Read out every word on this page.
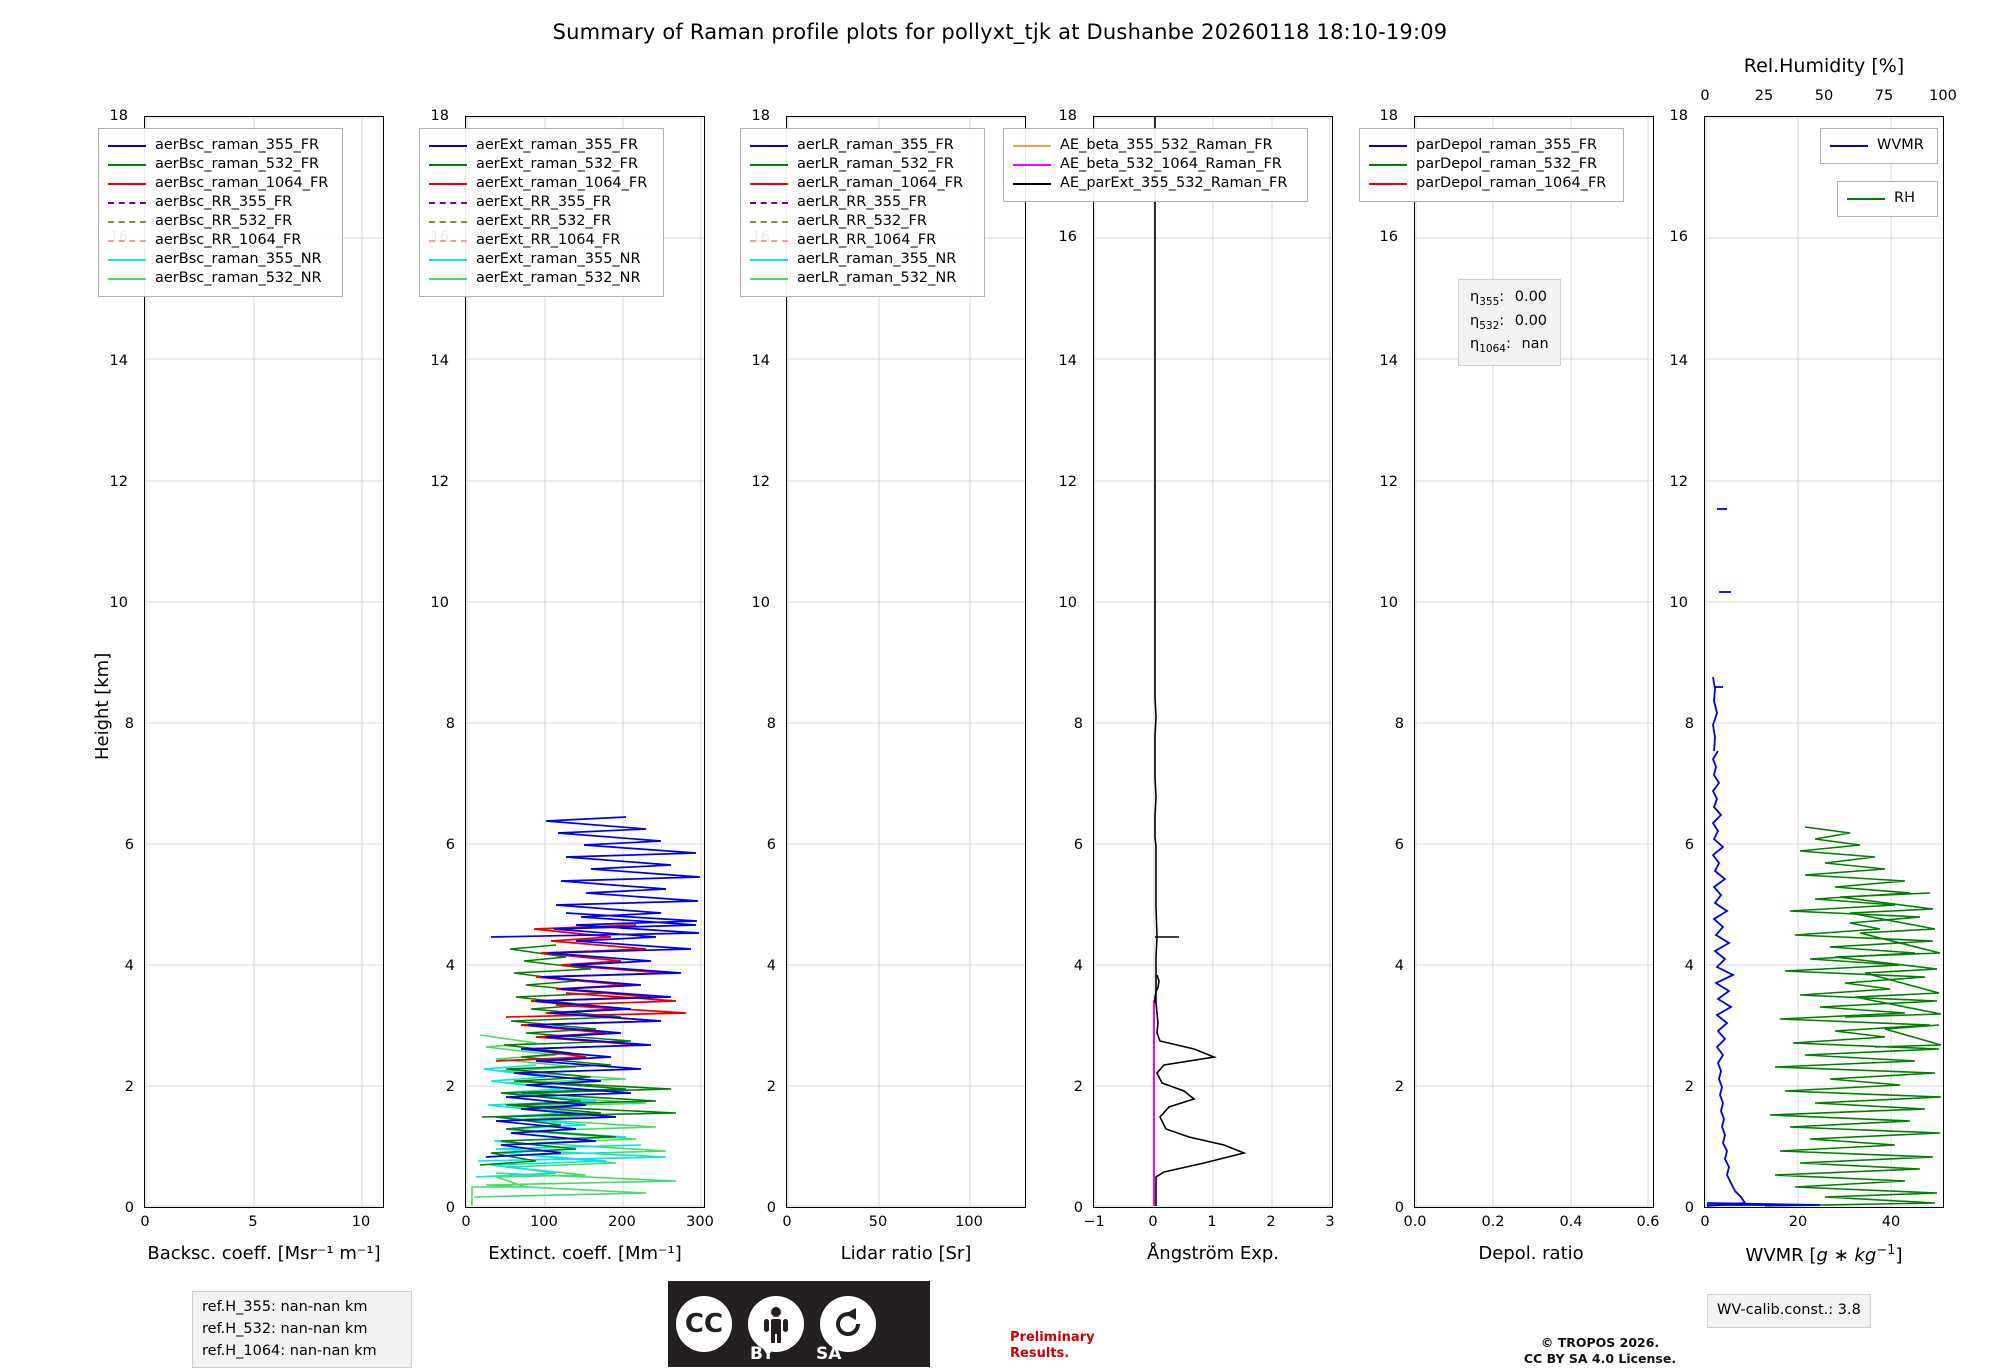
Summary of Raman profile plots for pollyxt_tjk at Dushanbe 20260118 18:10-19:09
Height [km]
0
2
4
6
8
10
12
14
18
0	5	10
Backsc. coeff. [Msr⁻¹ m⁻¹]
0
2
4
6
8
10
12
14
18
0	100	200	300
Extinct. coeff. [Mm⁻¹]
0
2
4
6
8
10
12
14
18
0	50	100
Lidar ratio [Sr]
0
2
4
6
8
10
12
14
16
18
−1	0	1	2	3
Ångström Exp.
0
2
4
6
8
10
12
14
16
18
0.0	0.2	0.4	0.6
Depol. ratio
0
2
4
6
8
10
12
14
16
18
0	20	40
0	25	50	75	100
Rel.Humidity [%]
WVMR [g ∗ $kg^{-1}$]
aerBsc_raman_355_FR
aerBsc_raman_532_FR
aerBsc_raman_1064_FR
aerBsc_RR_355_FR
aerBsc_RR_532_FR
aerBsc_RR_1064_FR
aerBsc_raman_355_NR
aerBsc_raman_532_NR
aerExt_raman_355_FR
aerExt_raman_532_FR
aerExt_raman_1064_FR
aerExt_RR_355_FR
aerExt_RR_532_FR
aerExt_RR_1064_FR
aerExt_raman_355_NR
aerExt_raman_532_NR
aerLR_raman_355_FR
aerLR_raman_532_FR
aerLR_raman_1064_FR
aerLR_RR_355_FR
aerLR_RR_532_FR
aerLR_RR_1064_FR
aerLR_raman_355_NR
aerLR_raman_532_NR
AE_beta_355_532_Raman_FR
AE_beta_532_1064_Raman_FR
AE_parExt_355_532_Raman_FR
parDepol_raman_355_FR
parDepol_raman_532_FR
parDepol_raman_1064_FR
WVMR
RH
$\eta_{355}$: 0.00
$\eta_{532}$: 0.00
$\eta_{1064}$: nan
ref.H_355: nan-nan km
ref.H_532: nan-nan km
ref.H_1064: nan-nan km
WV-calib.const.: 3.8
CC
BY SA
Preliminary
Results.
© TROPOS 2026.
CC BY SA 4.0 License.
